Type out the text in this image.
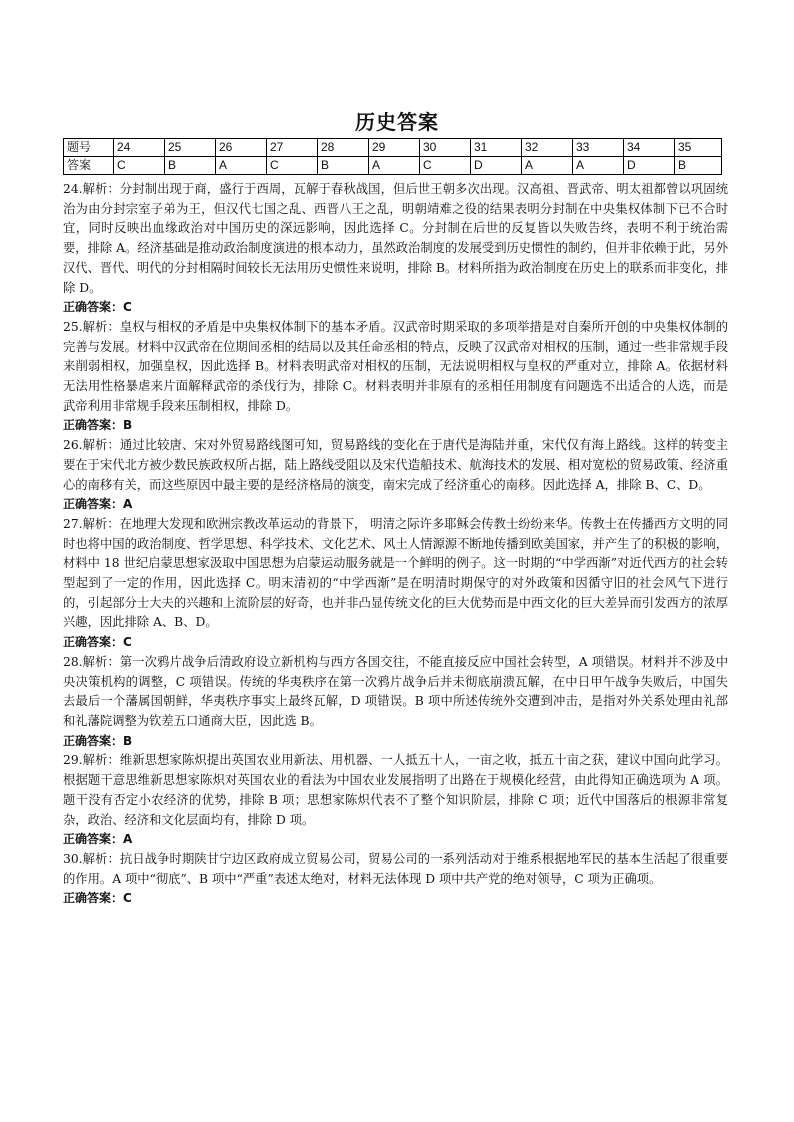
历史答案
题号	24	25	26	27	28	29	30	31	32	33	34	35
答案	C	B	A	C	B	A	C	D	A	A	D	B

24.解析：分封制出现于商，盛行于西周，瓦解于春秋战国，但后世王朝多次出现。汉高祖、晋武帝、明太祖都曾以巩固统治为由分封宗室子弟为王，但汉代七国之乱、西晋八王之乱，明朝靖难之役的结果表明分封制在中央集权体制下已不合时宜，同时反映出血缘政治对中国历史的深远影响，因此选择 C。分封制在后世的反复皆以失败告终，表明不利于统治需要，排除 A。经济基础是推动政治制度演进的根本动力，虽然政治制度的发展受到历史惯性的制约，但并非依赖于此，另外汉代、晋代、明代的分封相隔时间较长无法用历史惯性来说明，排除 B。材料所指为政治制度在历史上的联系而非变化，排除 D。

正确答案：C

25.解析：皇权与相权的矛盾是中央集权体制下的基本矛盾。汉武帝时期采取的多项举措是对自秦所开创的中央集权体制的完善与发展。材料中汉武帝在位期间丞相的结局以及其任命丞相的特点，反映了汉武帝对相权的压制，通过一些非常规手段来削弱相权，加强皇权，因此选择 B。材料表明武帝对相权的压制，无法说明相权与皇权的严重对立，排除 A。依据材料无法用性格暴虐来片面解释武帝的杀伐行为，排除 C。材料表明并非原有的丞相任用制度有问题选不出适合的人选，而是武帝利用非常规手段来压制相权，排除 D。

正确答案：B

26.解析：通过比较唐、宋对外贸易路线图可知，贸易路线的变化在于唐代是海陆并重，宋代仅有海上路线。这样的转变主要在于宋代北方被少数民族政权所占据，陆上路线受阻以及宋代造船技术、航海技术的发展、相对宽松的贸易政策、经济重心的南移有关，而这些原因中最主要的是经济格局的演变，南宋完成了经济重心的南移。因此选择 A，排除 B、C、D。

正确答案：A

27.解析：在地理大发现和欧洲宗教改革运动的背景下， 明清之际许多耶稣会传教士纷纷来华。传教士在传播西方文明的同时也将中国的政治制度、哲学思想、科学技术、文化艺术、风土人情源源不断地传播到欧美国家，并产生了的积极的影响，材料中 18 世纪启蒙思想家汲取中国思想为启蒙运动服务就是一个鲜明的例子。这一时期的“中学西渐”对近代西方的社会转型起到了一定的作用，因此选择 C。明末清初的“中学西渐”是在明清时期保守的对外政策和因循守旧的社会风气下进行的，引起部分士大夫的兴趣和上流阶层的好奇，也并非凸显传统文化的巨大优势而是中西文化的巨大差异而引发西方的浓厚兴趣，因此排除 A、B、D。

正确答案：C

28.解析：第一次鸦片战争后清政府设立新机构与西方各国交往，不能直接反应中国社会转型，A 项错误。材料并不涉及中央决策机构的调整，C 项错误。传统的华夷秩序在第一次鸦片战争后并未彻底崩溃瓦解，在中日甲午战争失败后，中国失去最后一个藩属国朝鲜，华夷秩序事实上最终瓦解，D 项错误。B 项中所述传统外交遭到冲击，是指对外关系处理由礼部和礼藩院调整为钦差五口通商大臣，因此选 B。

正确答案：B

29.解析：维新思想家陈炽提出英国农业用新法、用机器、一人抵五十人，一亩之收，抵五十亩之获，建议中国向此学习。根据题干意思维新思想家陈炽对英国农业的看法为中国农业发展指明了出路在于规模化经营，由此得知正确选项为 A 项。题干没有否定小农经济的优势，排除 B 项；思想家陈炽代表不了整个知识阶层，排除 C 项；近代中国落后的根源非常复杂，政治、经济和文化层面均有，排除 D 项。

正确答案：A

30.解析：抗日战争时期陕甘宁边区政府成立贸易公司，贸易公司的一系列活动对于维系根据地军民的基本生活起了很重要的作用。A 项中“彻底”、B 项中“严重”表述太绝对，材料无法体现 D 项中共产党的绝对领导，C 项为正确项。

正确答案：C
